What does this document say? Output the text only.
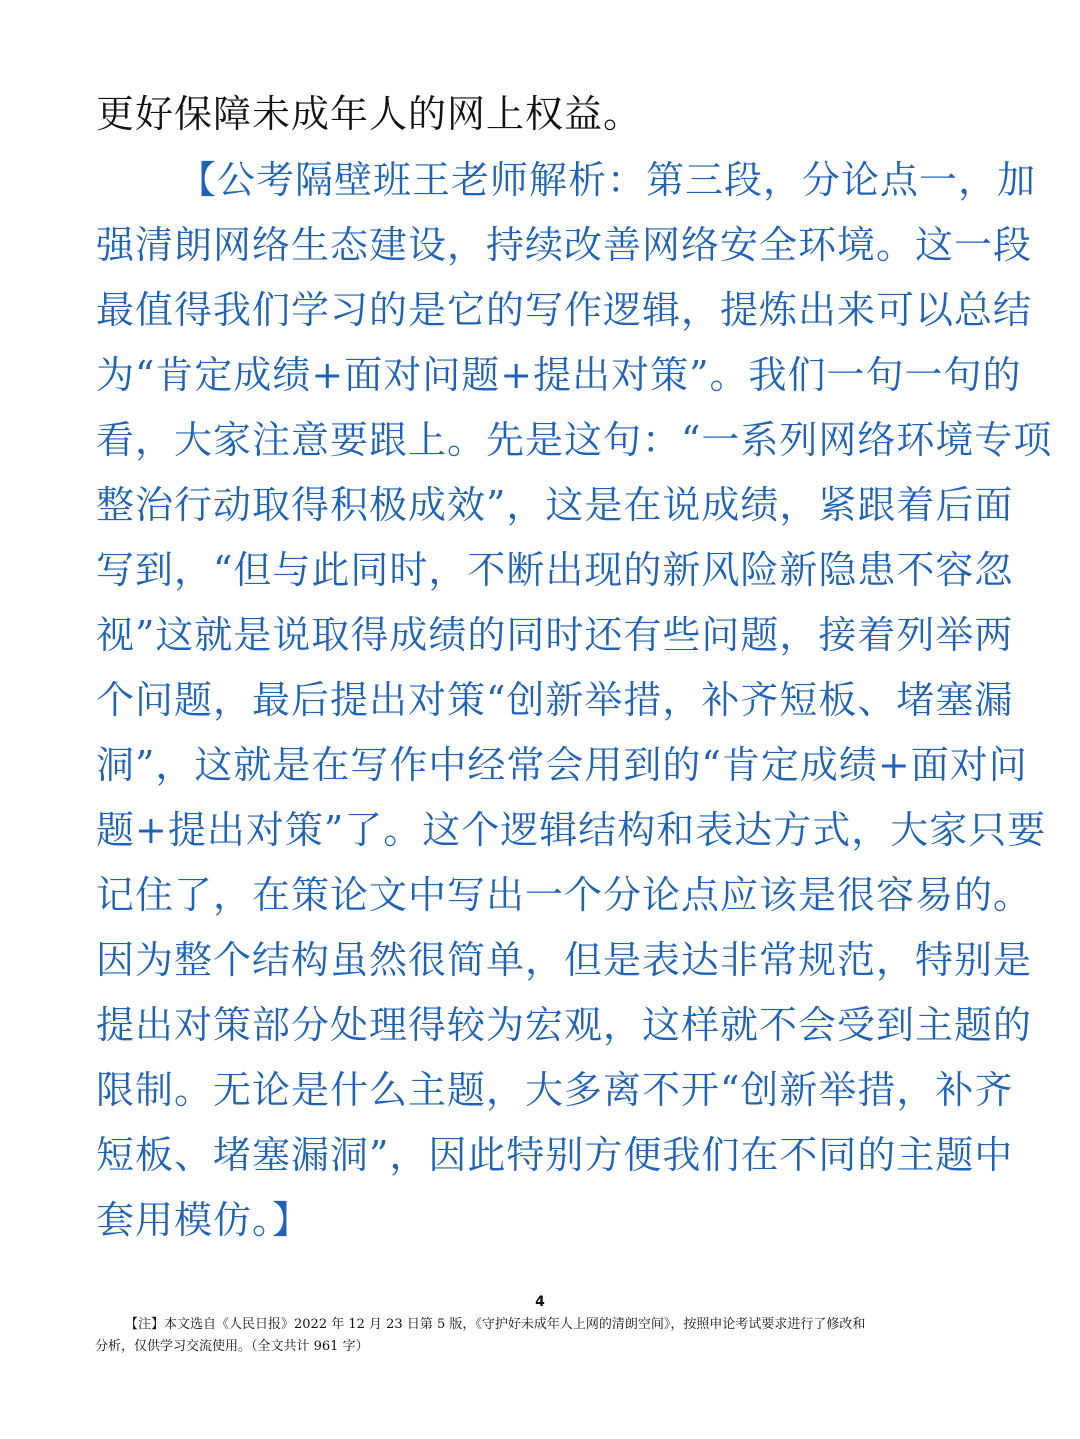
更好保障未成年人的网上权益。
【公考隔壁班王老师解析：第三段，分论点一，加
强清朗网络生态建设，持续改善网络安全环境。这一段
最值得我们学习的是它的写作逻辑，提炼出来可以总结
为“肯定成绩+面对问题+提出对策”。我们一句一句的
看，大家注意要跟上。先是这句：“一系列网络环境专项
整治行动取得积极成效”，这是在说成绩，紧跟着后面
写到，“但与此同时，不断出现的新风险新隐患不容忽
视”这就是说取得成绩的同时还有些问题，接着列举两
个问题，最后提出对策“创新举措，补齐短板、堵塞漏
洞”，这就是在写作中经常会用到的“肯定成绩+面对问
题+提出对策”了。这个逻辑结构和表达方式，大家只要
记住了，在策论文中写出一个分论点应该是很容易的。
因为整个结构虽然很简单，但是表达非常规范，特别是
提出对策部分处理得较为宏观，这样就不会受到主题的
限制。无论是什么主题，大多离不开“创新举措，补齐
短板、堵塞漏洞”，因此特别方便我们在不同的主题中
套用模仿。】
4
【注】本文选自《人民日报》2022 年 12 月 23 日第 5 版，《守护好未成年人上网的清朗空间》，按照申论考试要求进行了修改和
分析，仅供学习交流使用。（全文共计 961 字）
